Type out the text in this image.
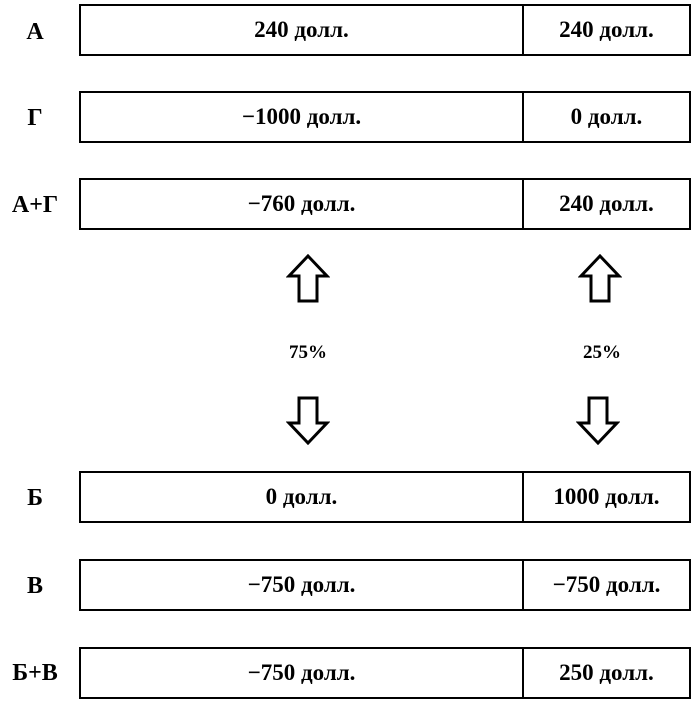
А	240 долл.	240 долл.
Г	−1000 долл.	0 долл.
А+Г	−760 долл.	240 долл.
75%	25%
Б	0 долл.	1000 долл.
В	−750 долл.	−750 долл.
Б+В	−750 долл.	250 долл.
